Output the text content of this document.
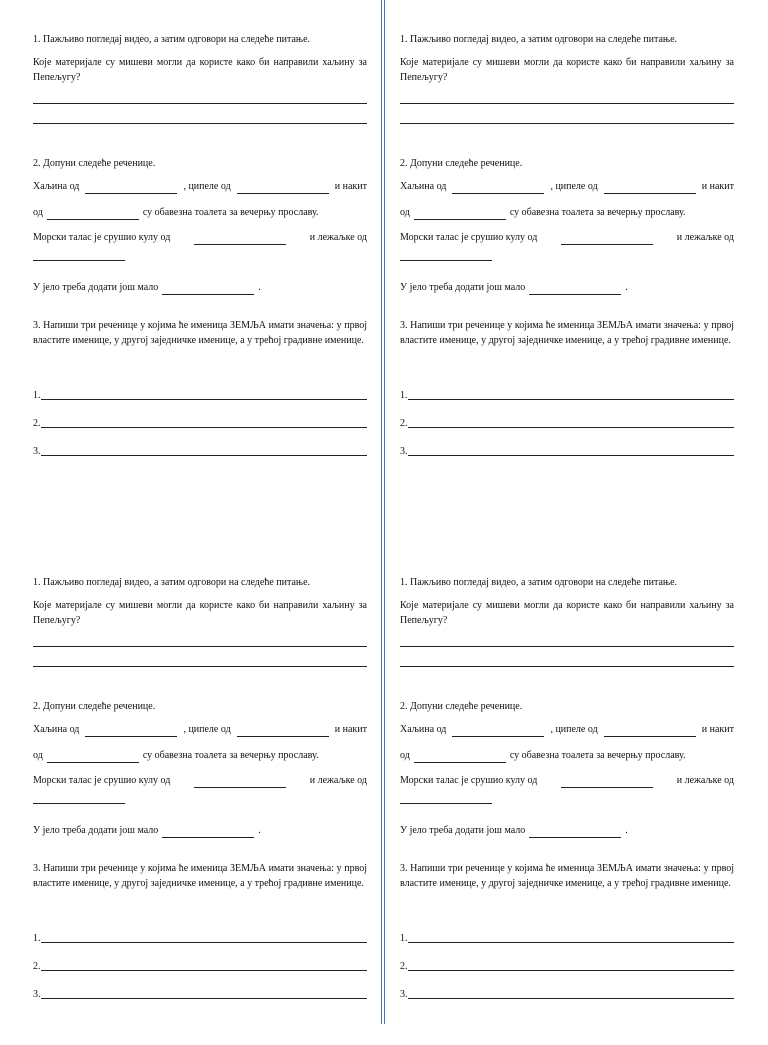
1. Пажљиво погледај видео, а затим одговори на следеће питање.

Које материјале су мишеви могли да користе како би направили хаљину за Пепељугу?

2. Допуни следеће реченице.

Хаљина од	, ципеле од	и накит
од	су обавезна тоалета за вечерњу прославу.
Морски талас је срушио кулу од	и лежаљке од
У јело треба додати још мало	.

3. Напиши три реченице у којима ће именица ЗЕМЉА имати значења: у првој властите именице, у другој заједничке именице, а у трећој градивне именице.

1.
2.
3.

1. Пажљиво погледај видео, а затим одговори на следеће питање.

Које материјале су мишеви могли да користе како би направили хаљину за Пепељугу?

2. Допуни следеће реченице.

Хаљина од	, ципеле од	и накит
од	су обавезна тоалета за вечерњу прославу.
Морски талас је срушио кулу од	и лежаљке од
У јело треба додати још мало	.

3. Напиши три реченице у којима ће именица ЗЕМЉА имати значења: у првој властите именице, у другој заједничке именице, а у трећој градивне именице.

1.
2.
3.

1. Пажљиво погледај видео, а затим одговори на следеће питање.

Које материјале су мишеви могли да користе како би направили хаљину за Пепељугу?

2. Допуни следеће реченице.

Хаљина од	, ципеле од	и накит
од	су обавезна тоалета за вечерњу прославу.
Морски талас је срушио кулу од	и лежаљке од
У јело треба додати још мало	.

3. Напиши три реченице у којима ће именица ЗЕМЉА имати значења: у првој властите именице, у другој заједничке именице, а у трећој градивне именице.

1.
2.
3.

1. Пажљиво погледај видео, а затим одговори на следеће питање.

Које материјале су мишеви могли да користе како би направили хаљину за Пепељугу?

2. Допуни следеће реченице.

Хаљина од	, ципеле од	и накит
од	су обавезна тоалета за вечерњу прославу.
Морски талас је срушио кулу од	и лежаљке од
У јело треба додати још мало	.

3. Напиши три реченице у којима ће именица ЗЕМЉА имати значења: у првој властите именице, у другој заједничке именице, а у трећој градивне именице.

1.
2.
3.
